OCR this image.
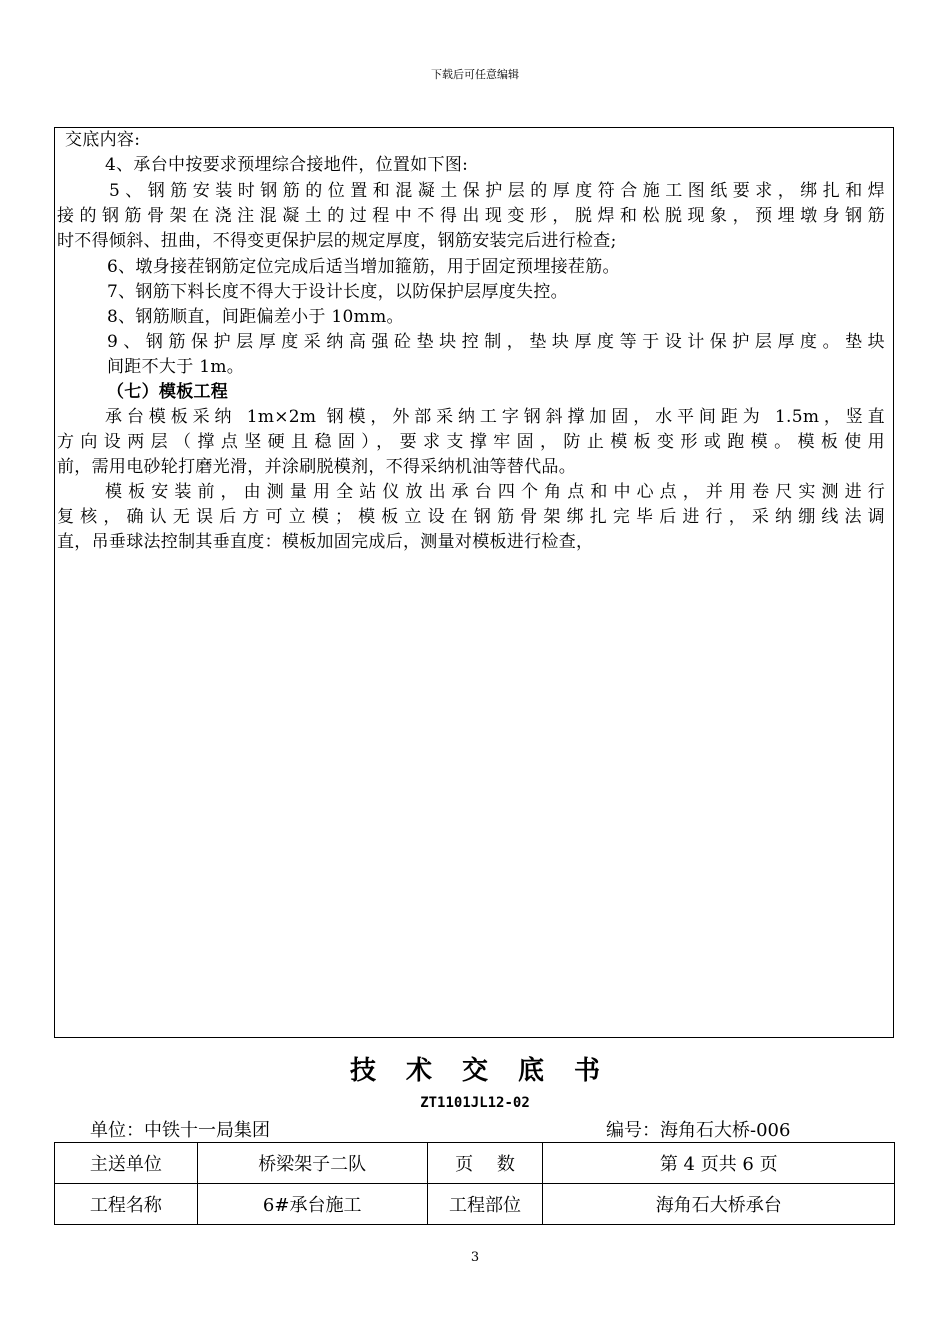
下载后可任意编辑
交底内容:
4、承台中按要求预埋综合接地件，位置如下图:
5、钢筋安装时钢筋的位置和混凝土保护层的厚度符合施工图纸要求，绑扎和焊
接的钢筋骨架在浇注混凝土的过程中不得出现变形，脱焊和松脱现象，预埋墩身钢筋
时不得倾斜、扭曲，不得变更保护层的规定厚度，钢筋安装完后进行检查;
6、墩身接茬钢筋定位完成后适当增加箍筋，用于固定预埋接茬筋。
7、钢筋下料长度不得大于设计长度，以防保护层厚度失控。
8、钢筋顺直，间距偏差小于 10mm。
9、钢筋保护层厚度采纳高强砼垫块控制，垫块厚度等于设计保护层厚度。垫块
间距不大于 1m。
（七）模板工程
承台模板采纳 1m×2m 钢模，外部采纳工字钢斜撑加固，水平间距为 1.5m，竖直
方向设两层（撑点坚硬且稳固），要求支撑牢固，防止模板变形或跑模。模板使用
前，需用电砂轮打磨光滑，并涂刷脱模剂，不得采纳机油等替代品。
模板安装前，由测量用全站仪放出承台四个角点和中心点，并用卷尺实测进行
复核，确认无误后方可立模；模板立设在钢筋骨架绑扎完毕后进行，采纳绷线法调
直，吊垂球法控制其垂直度：模板加固完成后，测量对模板进行检查，
技术交底书
ZT1101JL12-02
单位：中铁十一局集团	编号：海角石大桥-006
主送单位	桥梁架子二队	页　 数	第 4 页共 6 页
工程名称	6#承台施工	工程部位	海角石大桥承台
3
